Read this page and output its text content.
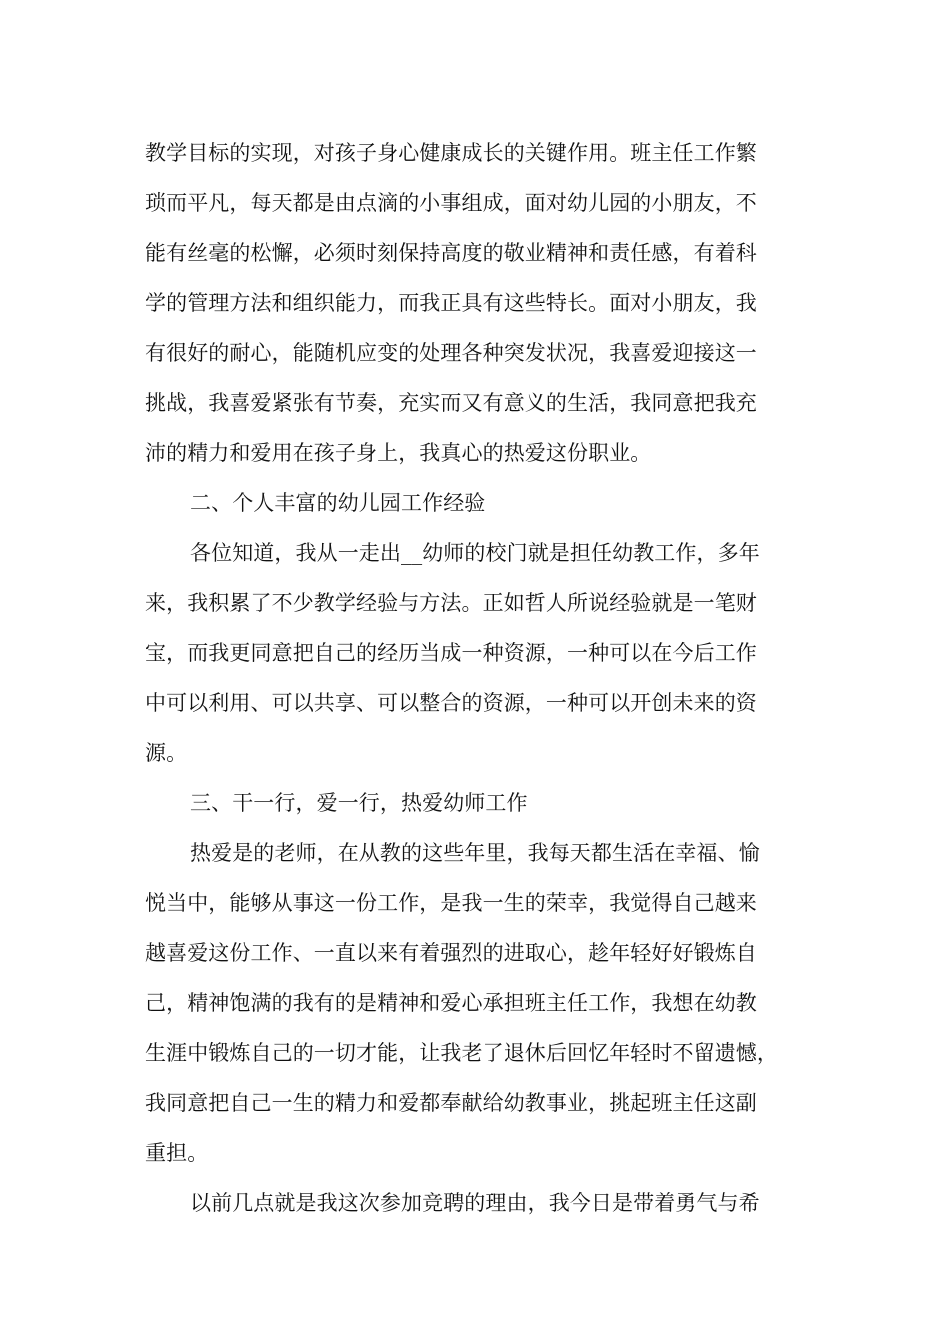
教学目标的实现，对孩子身心健康成长的关键作用。班主任工作繁
琐而平凡，每天都是由点滴的小事组成，面对幼儿园的小朋友，不
能有丝毫的松懈，必须时刻保持高度的敬业精神和责任感，有着科
学的管理方法和组织能力，而我正具有这些特长。面对小朋友，我
有很好的耐心，能随机应变的处理各种突发状况，我喜爱迎接这一
挑战，我喜爱紧张有节奏，充实而又有意义的生活，我同意把我充
沛的精力和爱用在孩子身上，我真心的热爱这份职业。
二、个人丰富的幼儿园工作经验
各位知道，我从一走出__幼师的校门就是担任幼教工作，多年
来，我积累了不少教学经验与方法。正如哲人所说经验就是一笔财
宝，而我更同意把自己的经历当成一种资源，一种可以在今后工作
中可以利用、可以共享、可以整合的资源，一种可以开创未来的资
源。
三、干一行，爱一行，热爱幼师工作
热爱是的老师，在从教的这些年里，我每天都生活在幸福、愉
悦当中，能够从事这一份工作，是我一生的荣幸，我觉得自己越来
越喜爱这份工作、一直以来有着强烈的进取心，趁年轻好好锻炼自
己，精神饱满的我有的是精神和爱心承担班主任工作，我想在幼教
生涯中锻炼自己的一切才能，让我老了退休后回忆年轻时不留遗憾，
我同意把自己一生的精力和爱都奉献给幼教事业，挑起班主任这副
重担。
以前几点就是我这次参加竞聘的理由，我今日是带着勇气与希
